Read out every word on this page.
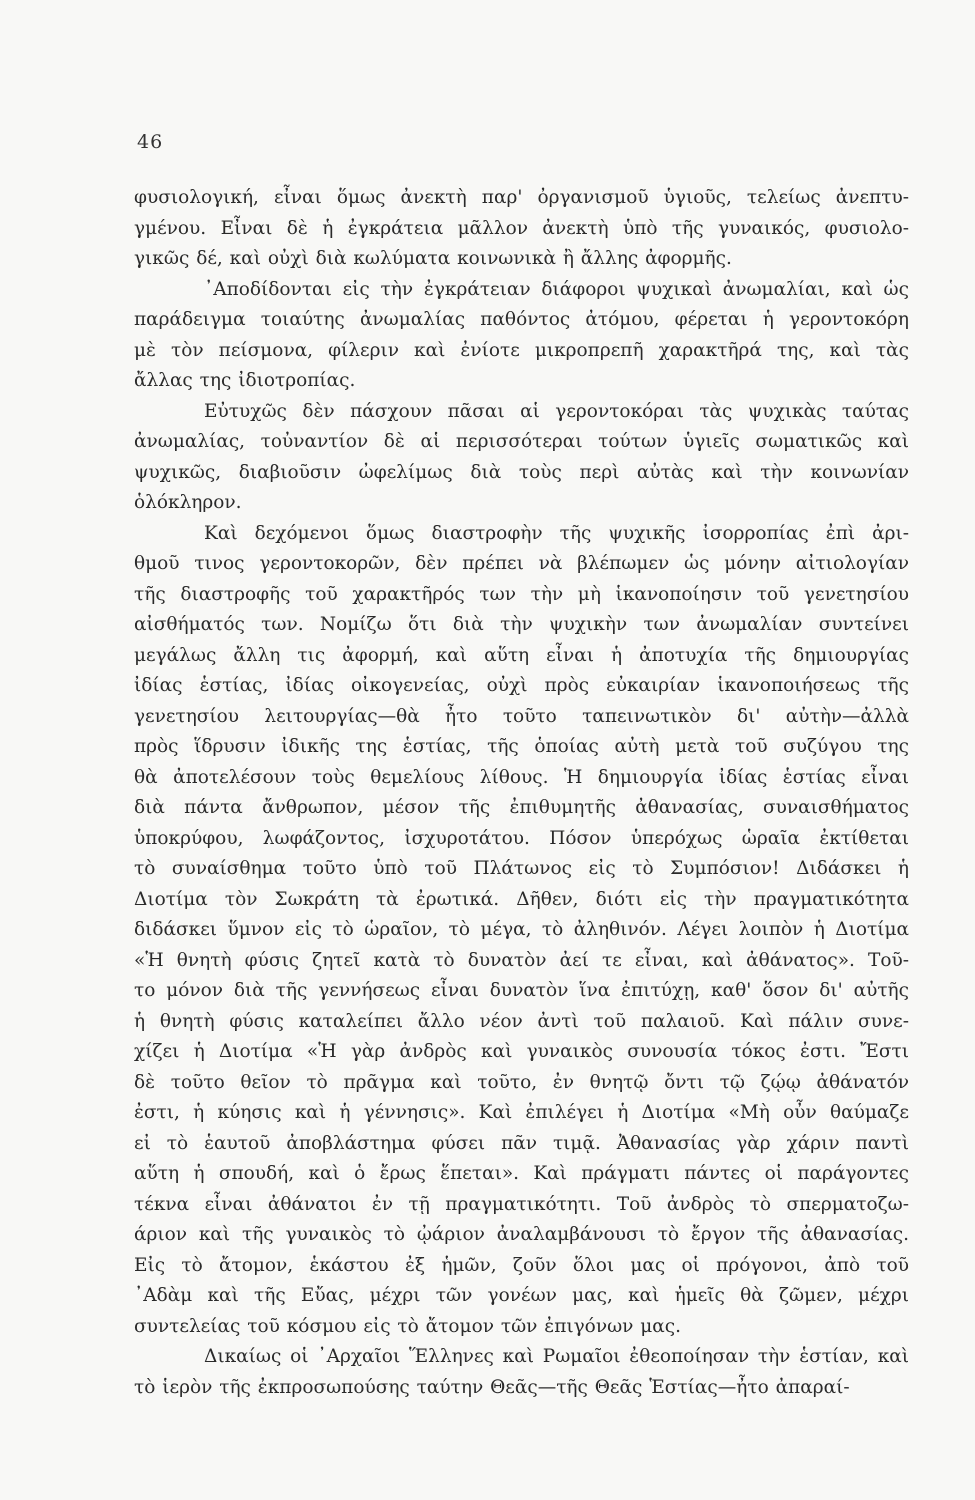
46

φυσιολογική, εἶναι ὅμως ἀνεκτὴ παρ' ὀργανισμοῦ ὑγιοῦς, τελείως ἀνεπτυ-
γμένου. Εἶναι δὲ ἡ ἐγκράτεια μᾶλλον ἀνεκτὴ ὑπὸ τῆς γυναικός, φυσιολο-
γικῶς δέ, καὶ οὐχὶ διὰ κωλύματα κοινωνικὰ ἢ ἄλλης ἀφορμῆς.

᾿Αποδίδονται εἰς τὴν ἐγκράτειαν διάφοροι ψυχικαὶ ἀνωμαλίαι, καὶ ὡς
παράδειγμα τοιαύτης ἀνωμαλίας παθόντος ἀτόμου, φέρεται ἡ γεροντοκόρη
μὲ τὸν πείσμονα, φίλεριν καὶ ἐνίοτε μικροπρεπῆ χαρακτῆρά της, καὶ τὰς
ἄλλας της ἰδιοτροπίας.

Εὐτυχῶς δὲν πάσχουν πᾶσαι αἱ γεροντοκόραι τὰς ψυχικὰς ταύτας
ἀνωμαλίας, τοὐναντίον δὲ αἱ περισσότεραι τούτων ὑγιεῖς σωματικῶς καὶ
ψυχικῶς, διαβιοῦσιν ὠφελίμως διὰ τοὺς περὶ αὐτὰς καὶ τὴν κοινωνίαν
ὁλόκληρον.

Καὶ δεχόμενοι ὅμως διαστροφὴν τῆς ψυχικῆς ἰσορροπίας ἐπὶ ἀρι-
θμοῦ τινος γεροντοκορῶν, δὲν πρέπει νὰ βλέπωμεν ὡς μόνην αἰτιολογίαν
τῆς διαστροφῆς τοῦ χαρακτῆρός των τὴν μὴ ἱκανοποίησιν τοῦ γενετησίου
αἰσθήματός των. Νομίζω ὅτι διὰ τὴν ψυχικὴν των ἀνωμαλίαν συντείνει
μεγάλως ἄλλη τις ἀφορμή, καὶ αὕτη εἶναι ἡ ἀποτυχία τῆς δημιουργίας
ἰδίας ἑστίας, ἰδίας οἰκογενείας, οὐχὶ πρὸς εὐκαιρίαν ἱκανοποιήσεως τῆς
γενετησίου λειτουργίας—θὰ ἦτο τοῦτο ταπεινωτικὸν δι' αὐτὴν—ἀλλὰ
πρὸς ἵδρυσιν ἰδικῆς της ἑστίας, τῆς ὁποίας αὐτὴ μετὰ τοῦ συζύγου της
θὰ ἀποτελέσουν τοὺς θεμελίους λίθους. Ἡ δημιουργία ἰδίας ἑστίας εἶναι
διὰ πάντα ἄνθρωπον, μέσον τῆς ἐπιθυμητῆς ἀθανασίας, συναισθήματος
ὑποκρύφου, λωφάζοντος, ἰσχυροτάτου. Πόσον ὑπερόχως ὡραῖα ἐκτίθεται
τὸ συναίσθημα τοῦτο ὑπὸ τοῦ Πλάτωνος εἰς τὸ Συμπόσιον! Διδάσκει ἡ
Διοτίμα τὸν Σωκράτη τὰ ἐρωτικά. Δῆθεν, διότι εἰς τὴν πραγματικότητα
διδάσκει ὕμνον εἰς τὸ ὡραῖον, τὸ μέγα, τὸ ἀληθινόν. Λέγει λοιπὸν ἡ Διοτίμα
«Ἡ θνητὴ φύσις ζητεῖ κατὰ τὸ δυνατὸν ἀεί τε εἶναι, καὶ ἀθάνατος». Τοῦ-
το μόνον διὰ τῆς γεννήσεως εἶναι δυνατὸν ἵνα ἐπιτύχῃ, καθ' ὅσον δι' αὐτῆς
ἡ θνητὴ φύσις καταλείπει ἄλλο νέον ἀντὶ τοῦ παλαιοῦ. Καὶ πάλιν συνε-
χίζει ἡ Διοτίμα «Ἡ γὰρ ἀνδρὸς καὶ γυναικὸς συνουσία τόκος ἐστι. Ἔστι
δὲ τοῦτο θεῖον τὸ πρᾶγμα καὶ τοῦτο, ἐν θνητῷ ὄντι τῷ ζῴῳ ἀθάνατόν
ἐστι, ἡ κύησις καὶ ἡ γέννησις». Καὶ ἐπιλέγει ἡ Διοτίμα «Μὴ οὖν θαύμαζε
εἰ τὸ ἑαυτοῦ ἀποβλάστημα φύσει πᾶν τιμᾷ. Ἀθανασίας γὰρ χάριν παντὶ
αὕτη ἡ σπουδή, καὶ ὁ ἔρως ἕπεται». Καὶ πράγματι πάντες οἱ παράγοντες
τέκνα εἶναι ἀθάνατοι ἐν τῇ πραγματικότητι. Τοῦ ἀνδρὸς τὸ σπερματοζω-
άριον καὶ τῆς γυναικὸς τὸ ᾠάριον ἀναλαμβάνουσι τὸ ἔργον τῆς ἀθανασίας.
Εἰς τὸ ἄτομον, ἑκάστου ἐξ ἡμῶν, ζοῦν ὅλοι μας οἱ πρόγονοι, ἀπὸ τοῦ
᾿Αδὰμ καὶ τῆς Εὔας, μέχρι τῶν γονέων μας, καὶ ἡμεῖς θὰ ζῶμεν, μέχρι
συντελείας τοῦ κόσμου εἰς τὸ ἄτομον τῶν ἐπιγόνων μας.

Δικαίως οἱ ᾿Αρχαῖοι Ἕλληνες καὶ Ρωμαῖοι ἐθεοποίησαν τὴν ἑστίαν, καὶ
τὸ ἱερὸν τῆς ἐκπροσωπούσης ταύτην Θεᾶς—τῆς Θεᾶς Ἑστίας—ἦτο ἀπαραί-
